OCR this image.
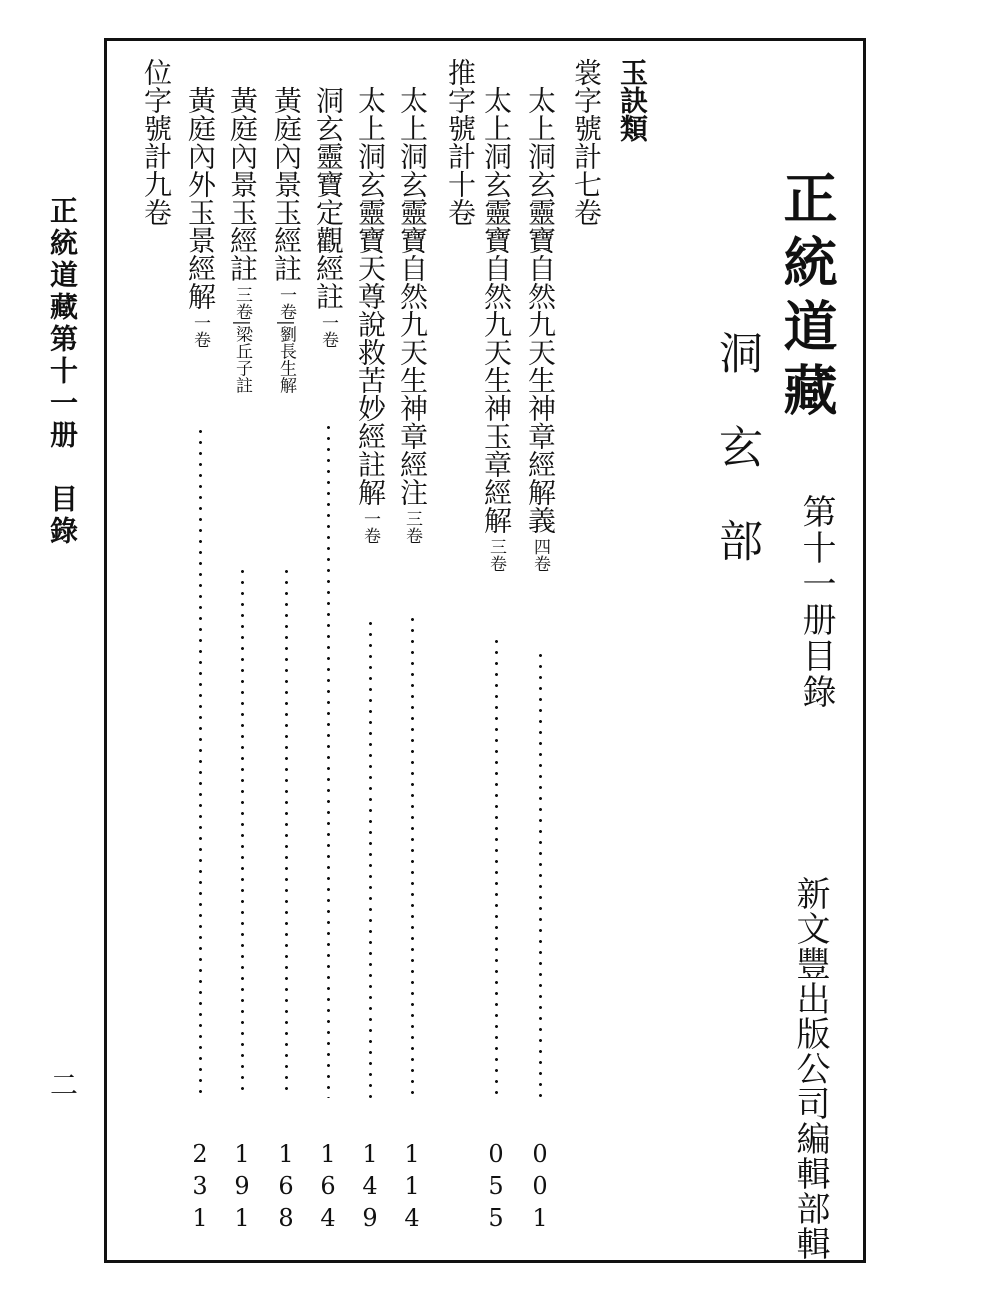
正統道藏第十一册　目錄
二
正統道藏
第十一册目錄
洞玄部
新文豐出版公司編輯部輯
玉訣類
裳字號計七卷
太上洞玄靈寶自然九天生神章經解義四卷
0
0
1
太上洞玄靈寶自然九天生神玉章經解三卷
0
5
5
推字號計十卷
太上洞玄靈寶自然九天生神章經注三卷
1
1
4
太上洞玄靈寶天尊說救苦妙經註解一卷
1
4
9
洞玄靈寶定觀經註一卷
1
6
4
黃庭內景玉經註一卷|劉長生解
1
6
8
黃庭內景玉經註三卷|梁丘子註
1
9
1
黃庭內外玉景經解一卷
2
3
1
位字號計九卷
